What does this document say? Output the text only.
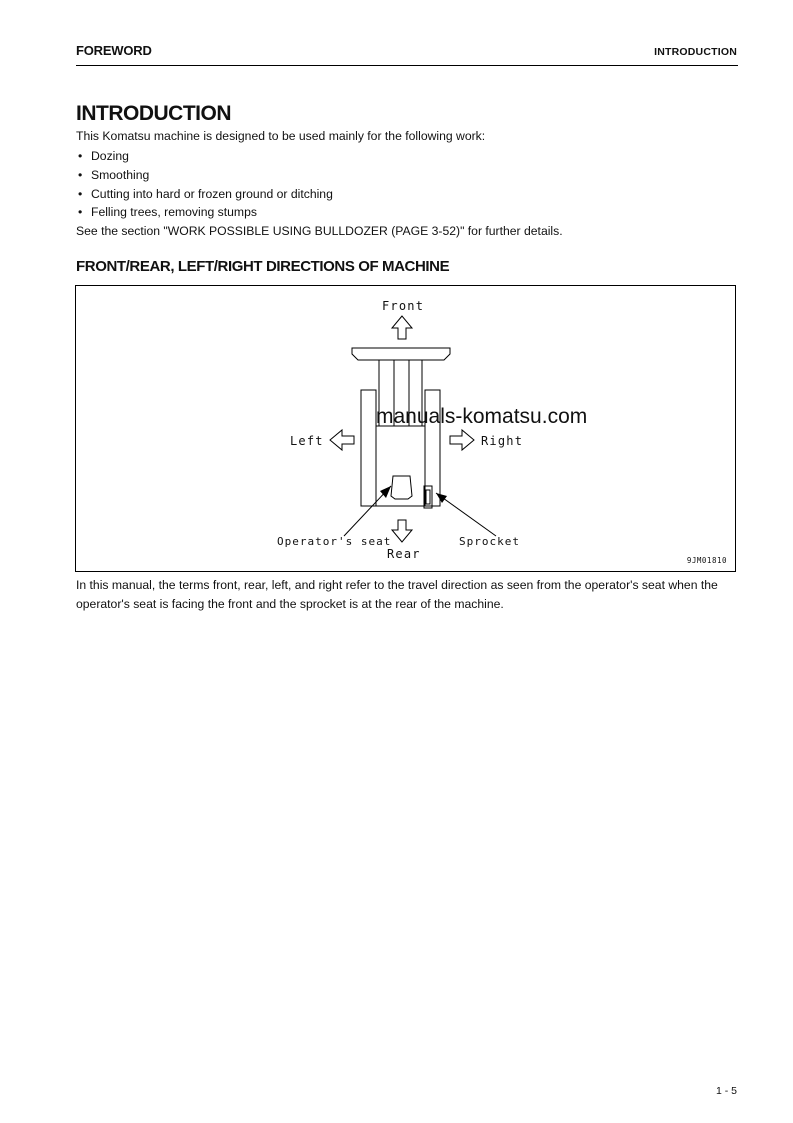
FOREWORD	INTRODUCTION
INTRODUCTION

This Komatsu machine is designed to be used mainly for the following work:

• Dozing
• Smoothing
• Cutting into hard or frozen ground or ditching
• Felling trees, removing stumps

See the section "WORK POSSIBLE USING BULLDOZER (PAGE 3-52)" for further details.

FRONT/REAR, LEFT/RIGHT DIRECTIONS OF MACHINE
Front
Left	Right
Operator's seat	Sprocket
Rear	9JM01810
manuals-komatsu.com

In this manual, the terms front, rear, left, and right refer to the travel direction as seen from the operator's seat when the operator's seat is facing the front and the sprocket is at the rear of the machine.

1 - 5
